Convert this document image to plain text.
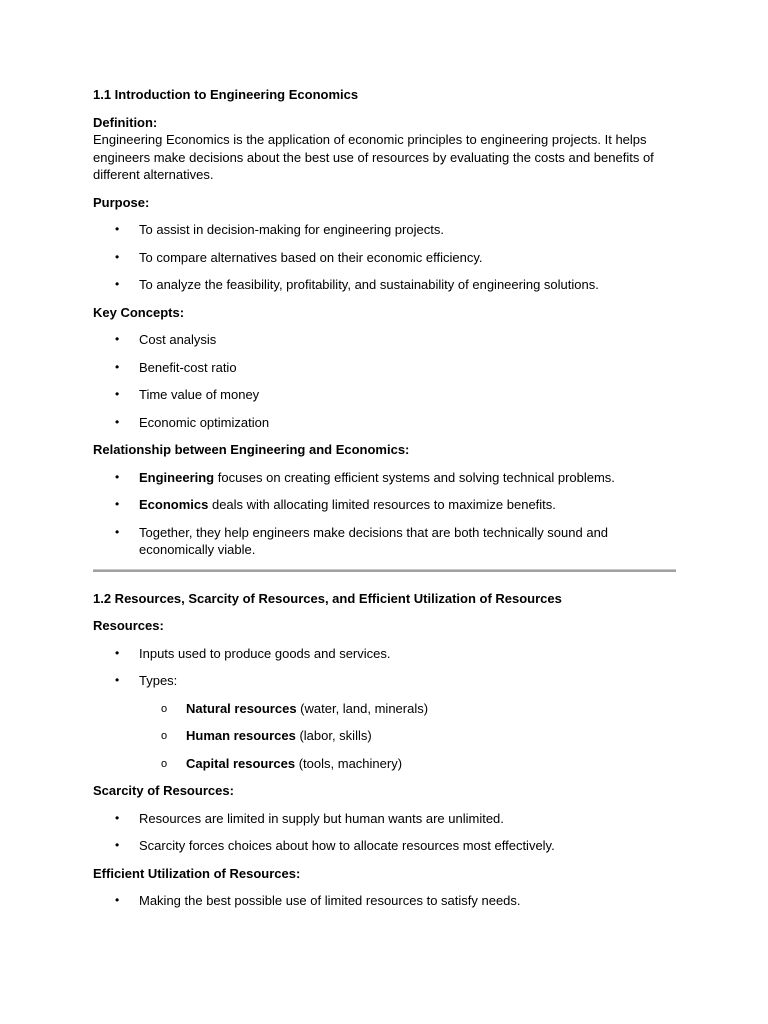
1.1 Introduction to Engineering Economics

Definition:

Engineering Economics is the application of economic principles to engineering projects. It helps engineers make decisions about the best use of resources by evaluating the costs and benefits of different alternatives.

Purpose:

• To assist in decision-making for engineering projects.
• To compare alternatives based on their economic efficiency.
• To analyze the feasibility, profitability, and sustainability of engineering solutions.

Key Concepts:

• Cost analysis
• Benefit-cost ratio
• Time value of money
• Economic optimization

Relationship between Engineering and Economics:

• Engineering focuses on creating efficient systems and solving technical problems.
• Economics deals with allocating limited resources to maximize benefits.
• Together, they help engineers make decisions that are both technically sound and economically viable.

1.2 Resources, Scarcity of Resources, and Efficient Utilization of Resources

Resources:

• Inputs used to produce goods and services.
• Types:
o Natural resources (water, land, minerals)
o Human resources (labor, skills)
o Capital resources (tools, machinery)

Scarcity of Resources:

• Resources are limited in supply but human wants are unlimited.
• Scarcity forces choices about how to allocate resources most effectively.

Efficient Utilization of Resources:

• Making the best possible use of limited resources to satisfy needs.
